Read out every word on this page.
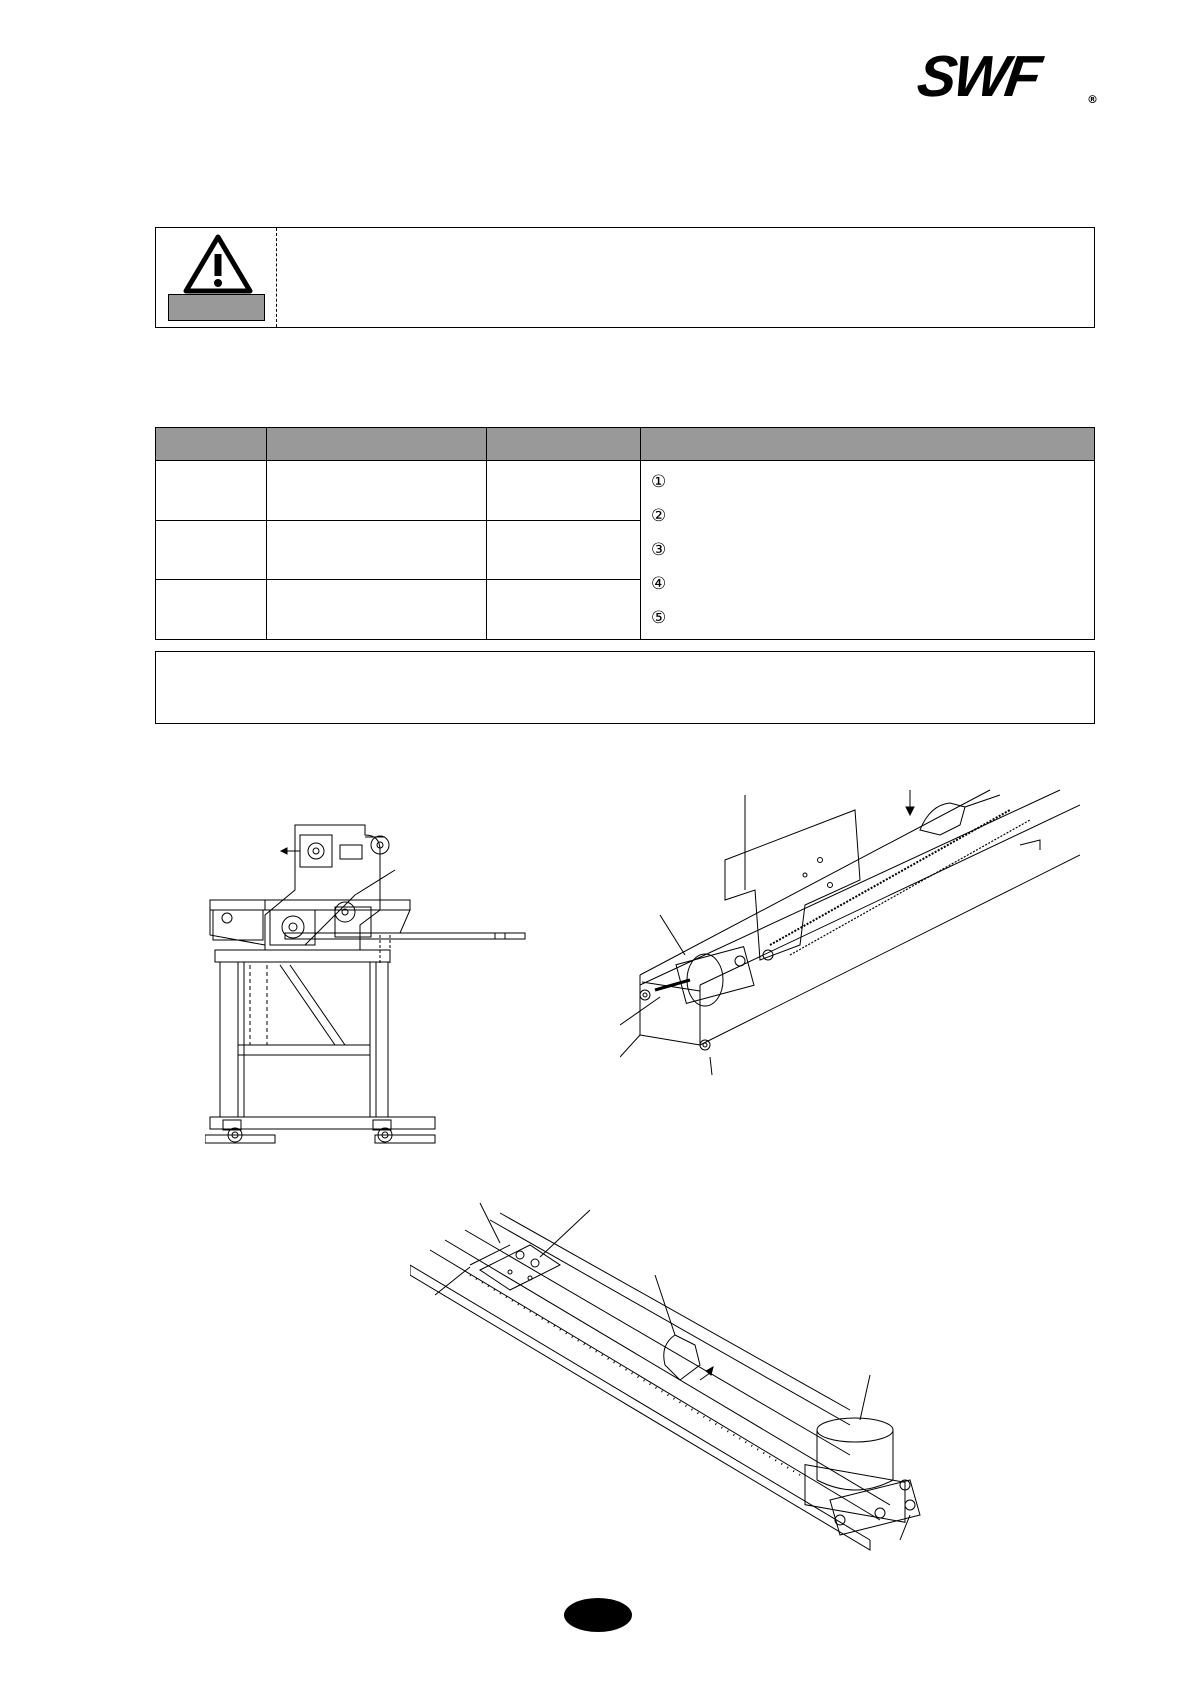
SWF	®

			①
②
③
④
⑤
